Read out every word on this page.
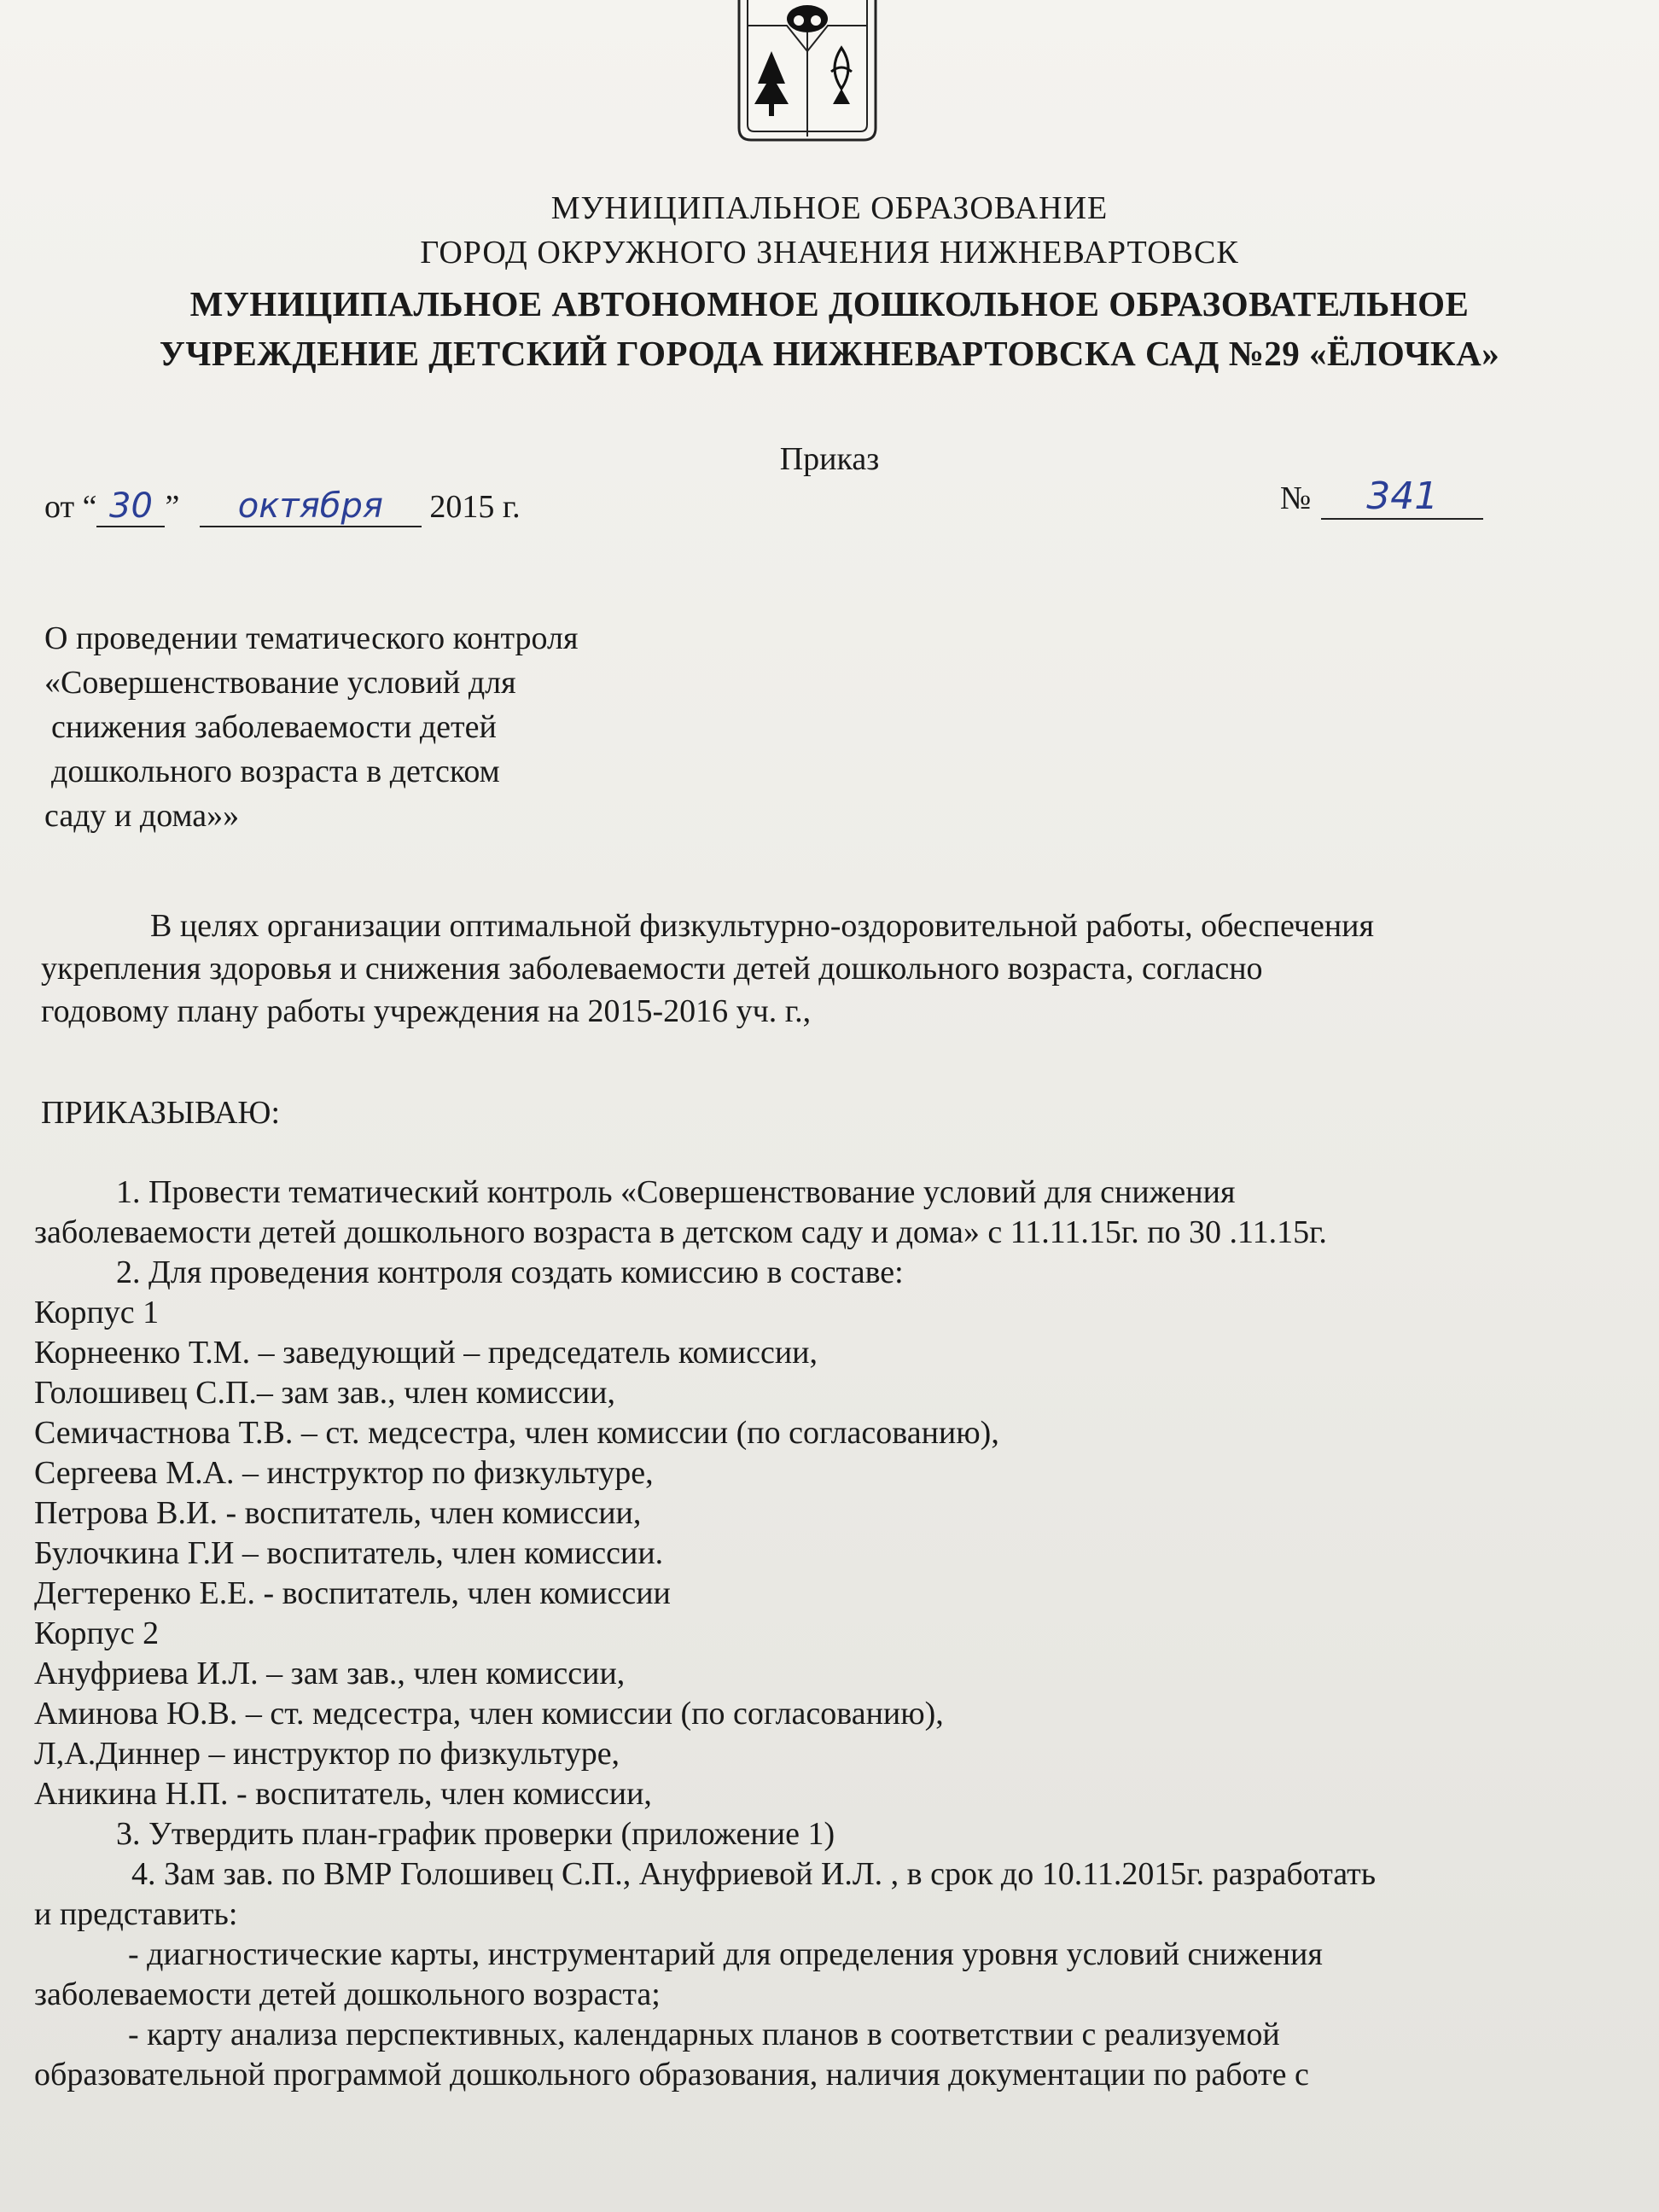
МУНИЦИПАЛЬНОЕ ОБРАЗОВАНИЕ
ГОРОД ОКРУЖНОГО ЗНАЧЕНИЯ НИЖНЕВАРТОВСК
МУНИЦИПАЛЬНОЕ АВТОНОМНОЕ ДОШКОЛЬНОЕ ОБРАЗОВАТЕЛЬНОЕ
УЧРЕЖДЕНИЕ ДЕТСКИЙ ГОРОДА НИЖНЕВАРТОВСКА САД №29 «ЁЛОЧКА»
Приказ
от “ 30 ” октября 2015 г.	№ 341
О проведении тематического контроля
«Совершенствование условий для
снижения заболеваемости детей
дошкольного возраста в детском
саду и дома»»
В целях организации оптимальной физкультурно-оздоровительной работы, обеспечения
укрепления здоровья и снижения заболеваемости детей дошкольного возраста, согласно
годовому плану работы учреждения на 2015-2016 уч. г.,
ПРИКАЗЫВАЮ:
1. Провести тематический контроль «Совершенствование условий для снижения
заболеваемости детей дошкольного возраста в детском саду и дома» с 11.11.15г. по 30 .11.15г.
2. Для проведения контроля создать комиссию в составе:
Корпус 1
Корнеенко Т.М. – заведующий – председатель комиссии,
Голошивец С.П.– зам зав., член комиссии,
Семичастнова Т.В. – ст. медсестра, член комиссии (по согласованию),
Сергеева М.А. – инструктор по физкультуре,
Петрова В.И. - воспитатель, член комиссии,
Булочкина Г.И – воспитатель, член комиссии.
Дегтеренко Е.Е. - воспитатель, член комиссии
Корпус 2
Ануфриева И.Л. – зам зав., член комиссии,
Аминова Ю.В. – ст. медсестра, член комиссии (по согласованию),
Л,А.Диннер – инструктор по физкультуре,
Аникина Н.П. - воспитатель, член комиссии,
3. Утвердить план-график проверки (приложение 1)
4. Зам зав. по ВМР Голошивец С.П., Ануфриевой И.Л. , в срок до 10.11.2015г. разработать
и представить:
- диагностические карты, инструментарий для определения уровня условий снижения
заболеваемости детей дошкольного возраста;
- карту анализа перспективных, календарных планов в соответствии с реализуемой
образовательной программой дошкольного образования, наличия документации по работе с
